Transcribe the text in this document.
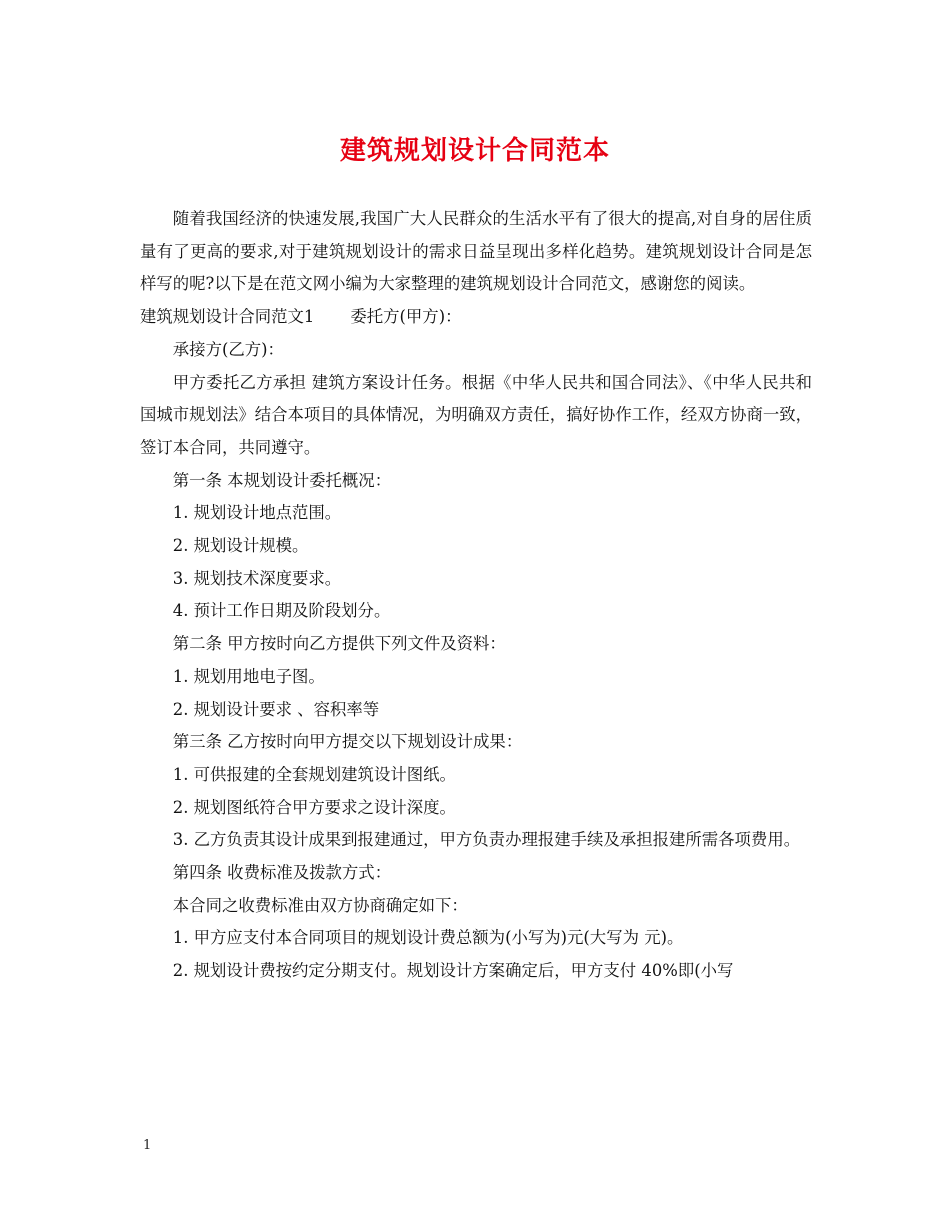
建筑规划设计合同范本

随着我国经济的快速发展,我国广大人民群众的生活水平有了很大的提高,对自身的居住质量有了更高的要求,对于建筑规划设计的需求日益呈现出多样化趋势。建筑规划设计合同是怎样写的呢?以下是在范文网小编为大家整理的建筑规划设计合同范文，感谢您的阅读。

建筑规划设计合同范文1 委托方(甲方)：

承接方(乙方)：

甲方委托乙方承担 建筑方案设计任务。根据《中华人民共和国合同法》、《中华人民共和国城市规划法》结合本项目的具体情况，为明确双方责任，搞好协作工作，经双方协商一致，签订本合同，共同遵守。

第一条 本规划设计委托概况：

1. 规划设计地点范围。

2. 规划设计规模。

3. 规划技术深度要求。

4. 预计工作日期及阶段划分。

第二条 甲方按时向乙方提供下列文件及资料：

1. 规划用地电子图。

2. 规划设计要求 、容积率等

第三条 乙方按时向甲方提交以下规划设计成果：

1. 可供报建的全套规划建筑设计图纸。

2. 规划图纸符合甲方要求之设计深度。

3. 乙方负责其设计成果到报建通过，甲方负责办理报建手续及承担报建所需各项费用。

第四条 收费标准及拨款方式：

本合同之收费标准由双方协商确定如下：

1. 甲方应支付本合同项目的规划设计费总额为(小写为)元(大写为 元)。

2. 规划设计费按约定分期支付。规划设计方案确定后，甲方支付 40%即(小写

1
